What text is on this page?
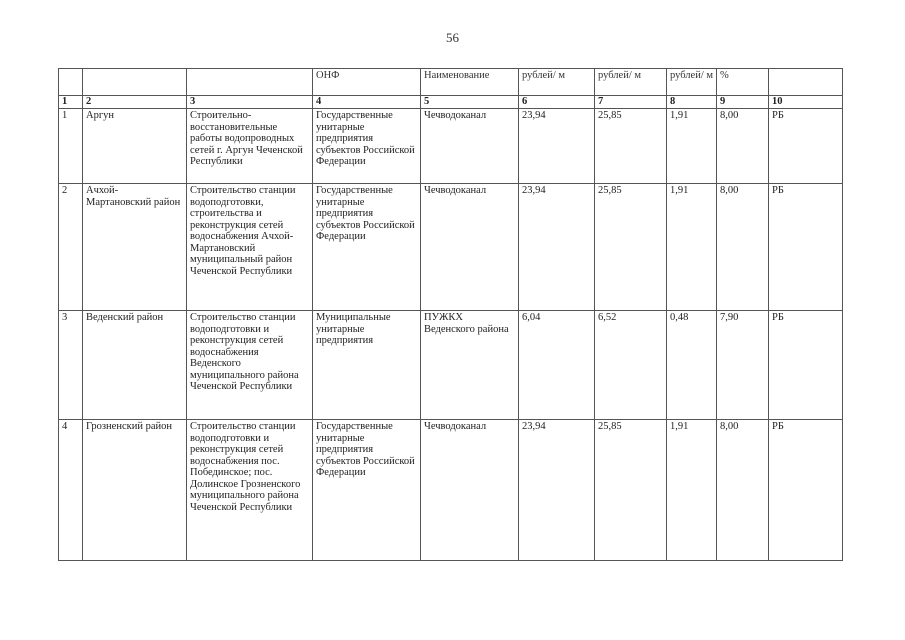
56
			ОНФ	Наименование	рублей/ м	рублей/ м	рублей/ м	%	
1	2	3	4	5	6	7	8	9	10
1	Аргун	Строительно-восстановительные работы водопроводных сетей г. Аргун Чеченской Республики	Государственные унитарные предприятия субъектов Российской Федерации	Чечводоканал	23,94	25,85	1,91	8,00	РБ
2	Ачхой-Мартановский район	Строительство станции водоподготовки, строительства и реконструкция сетей водоснабжения Ачхой-Мартановский муниципальный район Чеченской Республики	Государственные унитарные предприятия субъектов Российской Федерации	Чечводоканал	23,94	25,85	1,91	8,00	РБ
3	Веденский район	Строительство станции водоподготовки и реконструкция сетей водоснабжения Веденского муниципального района Чеченской Республики	Муниципальные унитарные предприятия	ПУЖКХ Веденского района	6,04	6,52	0,48	7,90	РБ
4	Грозненский район	Строительство станции водоподготовки и реконструкция сетей водоснабжения пос. Побединское; пос. Долинское Грозненского муниципального района Чеченской Республики	Государственные унитарные предприятия субъектов Российской Федерации	Чечводоканал	23,94	25,85	1,91	8,00	РБ
